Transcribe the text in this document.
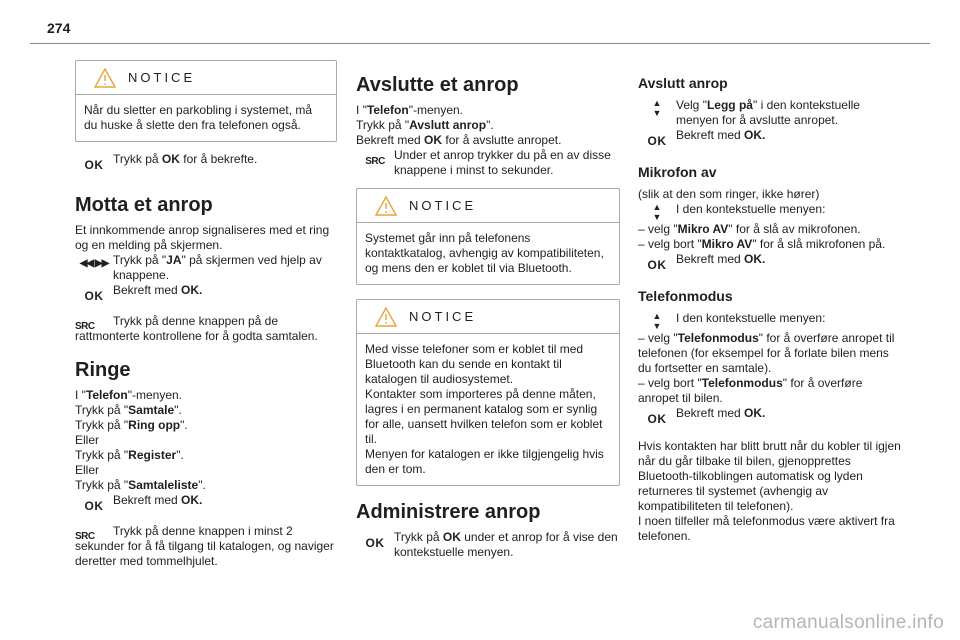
274
NOTICE
Når du sletter en parkobling i systemet, må du huske å slette den fra telefonen også.
OK Trykk på OK for å bekrefte.

Motta et anrop

Et innkommende anrop signaliseres med et ring og en melding på skjermen.

◀◀ ▶▶ Trykk på "JA" på skjermen ved hjelp av knappene.

OK Bekreft med OK.

SRC	Trykk på denne knappen på de rattmonterte kontrollene for å godta samtalen.

Ringe

I "Telefon"-menyen.

Trykk på "Samtale".

Trykk på "Ring opp".

Eller

Trykk på "Register".

Eller

Trykk på "Samtaleliste".

OK Bekreft med OK.

SRC	Trykk på denne knappen i minst 2 sekunder for å få tilgang til katalogen, og naviger deretter med tommelhjulet.

Avslutte et anrop

I "Telefon"-menyen.

Trykk på "Avslutt anrop".

Bekreft med OK for å avslutte anropet.

SRC Under et anrop trykker du på en av disse knappene i minst to sekunder.

NOTICE
Systemet går inn på telefonens kontaktkatalog, avhengig av kompatibiliteten, og mens den er koblet til via Bluetooth.
NOTICE
Med visse telefoner som er koblet til med Bluetooth kan du sende en kontakt til katalogen til audiosystemet.
Kontakter som importeres på denne måten, lagres i en permanent katalog som er synlig for alle, uansett hvilken telefon som er koblet til.
Menyen for katalogen er ikke tilgjengelig hvis den er tom.
Administrere anrop
OK Trykk på OK under et anrop for å vise den kontekstuelle menyen.

Avslutt anrop
▲
▼

Velg "Legg på" i den kontekstuelle menyen for å avslutte anropet.

OK Bekreft med OK.

Mikrofon av

(slik at den som ringer, ikke hører)

▲
▼

I den kontekstuelle menyen:

– velg "Mikro AV" for å slå av mikrofonen.

– velg bort "Mikro AV" for å slå mikrofonen på.

OK Bekreft med OK.

Telefonmodus
▲
▼

I den kontekstuelle menyen:

– velg "Telefonmodus" for å overføre anropet til telefonen (for eksempel for å forlate bilen mens du fortsetter en samtale).

– velg bort "Telefonmodus" for å overføre anropet til bilen.

OK Bekreft med OK.

Hvis kontakten har blitt brutt når du kobler til igjen når du går tilbake til bilen, gjenopprettes Bluetooth-tilkoblingen automatisk og lyden returneres til systemet (avhengig av kompatibiliteten til telefonen).
I noen tilfeller må telefonmodus være aktivert fra telefonen.

carmanualsonline.info
